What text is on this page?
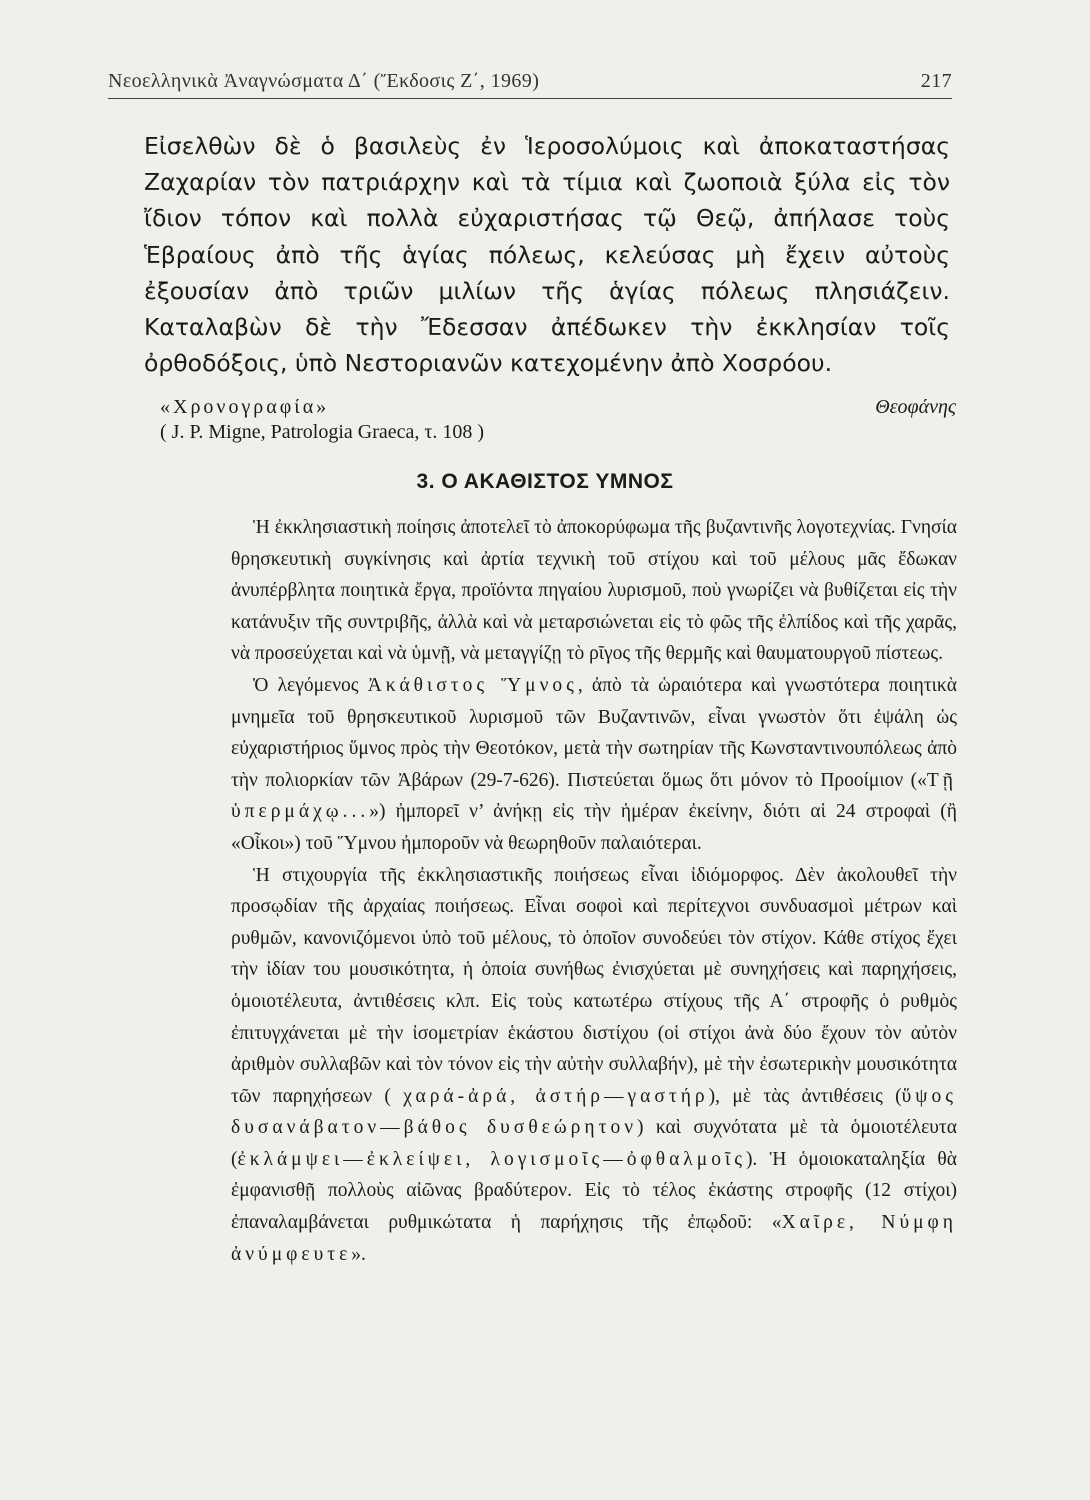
Νεοελληνικὰ Ἀναγνώσματα Δ΄ (Ἔκδοσις Ζ΄, 1969)	217

Εἰσελθὼν δὲ ὁ βασιλεὺς ἐν Ἱεροσολύμοις καὶ ἀποκαταστήσας Ζαχαρίαν τὸν πατριάρχην καὶ τὰ τίμια καὶ ζωοποιὰ ξύλα εἰς τὸν ἴδιον τόπον καὶ πολλὰ εὐχαριστήσας τῷ Θεῷ, ἀπήλασε τοὺς Ἑβραίους ἀπὸ τῆς ἁγίας πόλεως, κελεύσας μὴ ἔχειν αὐτοὺς ἐξουσίαν ἀπὸ τριῶν μιλίων τῆς ἁγίας πόλεως πλησιάζειν. Καταλαβὼν δὲ τὴν Ἔδεσσαν ἀπέδωκεν τὴν ἐκκλησίαν τοῖς ὀρθοδόξοις, ὑπὸ Νεστοριανῶν κατεχομένην ἀπὸ Χοσρόου.

«Χρονογραφία»	Θεοφάνης
( J. P. Migne, Patrologia Graeca, τ. 108 )
3. Ο ΑΚΑΘΙΣΤΟΣ ΥΜΝΟΣ

Ἡ ἐκκλησιαστικὴ ποίησις ἀποτελεῖ τὸ ἀποκορύφωμα τῆς βυζαντινῆς λογοτεχνίας. Γνησία θρησκευτικὴ συγκίνησις καὶ ἀρτία τεχνικὴ τοῦ στίχου καὶ τοῦ μέλους μᾶς ἔδωκαν ἀνυπέρβλητα ποιητικὰ ἔργα, προϊόντα πηγαίου λυρισμοῦ, ποὺ γνωρίζει νὰ βυθίζεται εἰς τὴν κατάνυξιν τῆς συντριβῆς, ἀλλὰ καὶ νὰ μεταρσιώνεται εἰς τὸ φῶς τῆς ἐλπίδος καὶ τῆς χαρᾶς, νὰ προσεύχεται καὶ νὰ ὑμνῇ, νὰ μεταγγίζῃ τὸ ρῖγος τῆς θερμῆς καὶ θαυματουργοῦ πίστεως.

Ὁ λεγόμενος Ἀκάθιστος Ὕμνος, ἀπὸ τὰ ὡραιότερα καὶ γνωστότερα ποιητικὰ μνημεῖα τοῦ θρησκευτικοῦ λυρισμοῦ τῶν Βυζαντινῶν, εἶναι γνωστὸν ὅτι ἐψάλη ὡς εὐχαριστήριος ὕμνος πρὸς τὴν Θεοτόκον, μετὰ τὴν σωτηρίαν τῆς Κωνσταντινουπόλεως ἀπὸ τὴν πολιορκίαν τῶν Ἀβάρων (29-7-626). Πιστεύεται ὅμως ὅτι μόνον τὸ Προοίμιον («Τῇ ὑπερμάχῳ...») ἠμπορεῖ ν’ ἀνήκῃ εἰς τὴν ἡμέραν ἐκείνην, διότι αἱ 24 στροφαὶ (ἢ «Οἶκοι») τοῦ Ὕμνου ἠμποροῦν νὰ θεωρηθοῦν παλαιότεραι.

Ἡ στιχουργία τῆς ἐκκλησιαστικῆς ποιήσεως εἶναι ἰδιόμορφος. Δὲν ἀκολουθεῖ τὴν προσῳδίαν τῆς ἀρχαίας ποιήσεως. Εἶναι σοφοὶ καὶ περίτεχνοι συνδυασμοὶ μέτρων καὶ ρυθμῶν, κανονιζόμενοι ὑπὸ τοῦ μέλους, τὸ ὁποῖον συνοδεύει τὸν στίχον. Κάθε στίχος ἔχει τὴν ἰδίαν του μουσικότητα, ἡ ὁποία συνήθως ἐνισχύεται μὲ συνηχήσεις καὶ παρηχήσεις, ὁμοιοτέλευτα, ἀντιθέσεις κλπ. Εἰς τοὺς κατωτέρω στίχους τῆς Α΄ στροφῆς ὁ ρυθμὸς ἐπιτυγχάνεται μὲ τὴν ἰσομετρίαν ἑκάστου διστίχου (οἱ στίχοι ἀνὰ δύο ἔχουν τὸν αὐτὸν ἀριθμὸν συλλαβῶν καὶ τὸν τόνον εἰς τὴν αὐτὴν συλλαβήν), μὲ τὴν ἐσωτερικὴν μουσικότητα τῶν παρηχήσεων ( χαρά-ἀρά, ἀστήρ—γαστήρ), μὲ τὰς ἀντιθέσεις (ὕψος δυσανάβατον—βάθος δυσθεώρητον) καὶ συχνότατα μὲ τὰ ὁμοιοτέλευτα (ἐκλάμψει—ἐκλείψει, λογισμοῖς—ὀφθαλμοῖς). Ἡ ὁμοιοκαταληξία θὰ ἐμφανισθῇ πολλοὺς αἰῶνας βραδύτερον. Εἰς τὸ τέλος ἑκάστης στροφῆς (12 στίχοι) ἐπαναλαμβάνεται ρυθμικώτατα ἡ παρήχησις τῆς ἐπῳδοῦ: «Χαῖρε, Νύμφη ἀνύμφευτε».
